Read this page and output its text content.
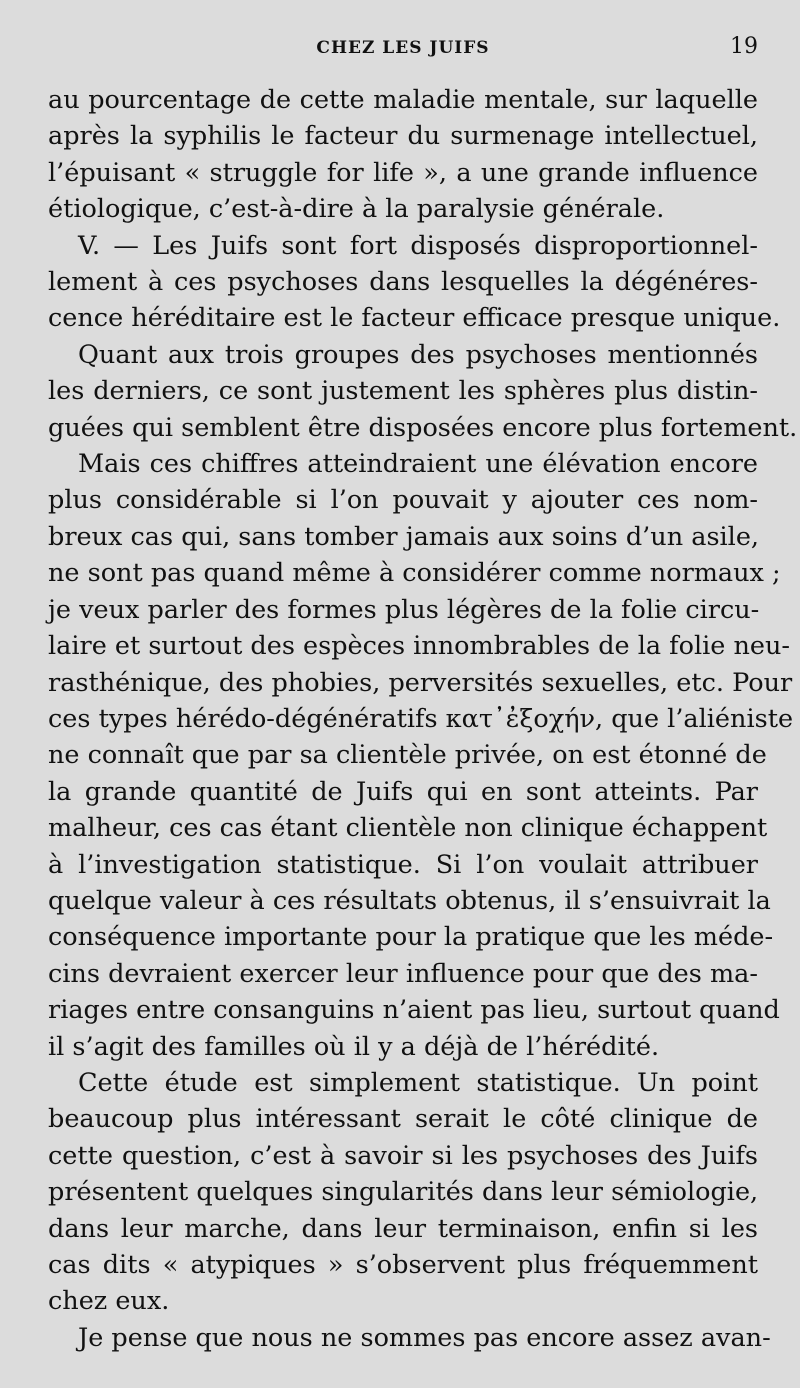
CHEZ LES JUIFS	19
au pourcentage de cette maladie mentale, sur laquelle
après la syphilis le facteur du surmenage intellectuel,
l’épuisant « struggle for life », a une grande influence
étiologique, c’est-à-dire à la paralysie générale.
V. — Les Juifs sont fort disposés disproportionnel-
lement à ces psychoses dans lesquelles la dégénéres-
cence héréditaire est le facteur efficace presque unique.
Quant aux trois groupes des psychoses mentionnés
les derniers, ce sont justement les sphères plus distin-
guées qui semblent être disposées encore plus fortement.
Mais ces chiffres atteindraient une élévation encore
plus considérable si l’on pouvait y ajouter ces nom-
breux cas qui, sans tomber jamais aux soins d’un asile,
ne sont pas quand même à considérer comme normaux ;
je veux parler des formes plus légères de la folie circu-
laire et surtout des espèces innombrables de la folie neu-
rasthénique, des phobies, perversités sexuelles, etc. Pour
ces types hérédo-dégénératifs κατ᾽ἐξοχήν, que l’aliéniste
ne connaît que par sa clientèle privée, on est étonné de
la grande quantité de Juifs qui en sont atteints. Par
malheur, ces cas étant clientèle non clinique échappent
à l’investigation statistique. Si l’on voulait attribuer
quelque valeur à ces résultats obtenus, il s’ensuivrait la
conséquence importante pour la pratique que les méde-
cins devraient exercer leur influence pour que des ma-
riages entre consanguins n’aient pas lieu, surtout quand
il s’agit des familles où il y a déjà de l’hérédité.
Cette étude est simplement statistique. Un point
beaucoup plus intéressant serait le côté clinique de
cette question, c’est à savoir si les psychoses des Juifs
présentent quelques singularités dans leur sémiologie,
dans leur marche, dans leur terminaison, enfin si les
cas dits « atypiques » s’observent plus fréquemment
chez eux.
Je pense que nous ne sommes pas encore assez avan-
